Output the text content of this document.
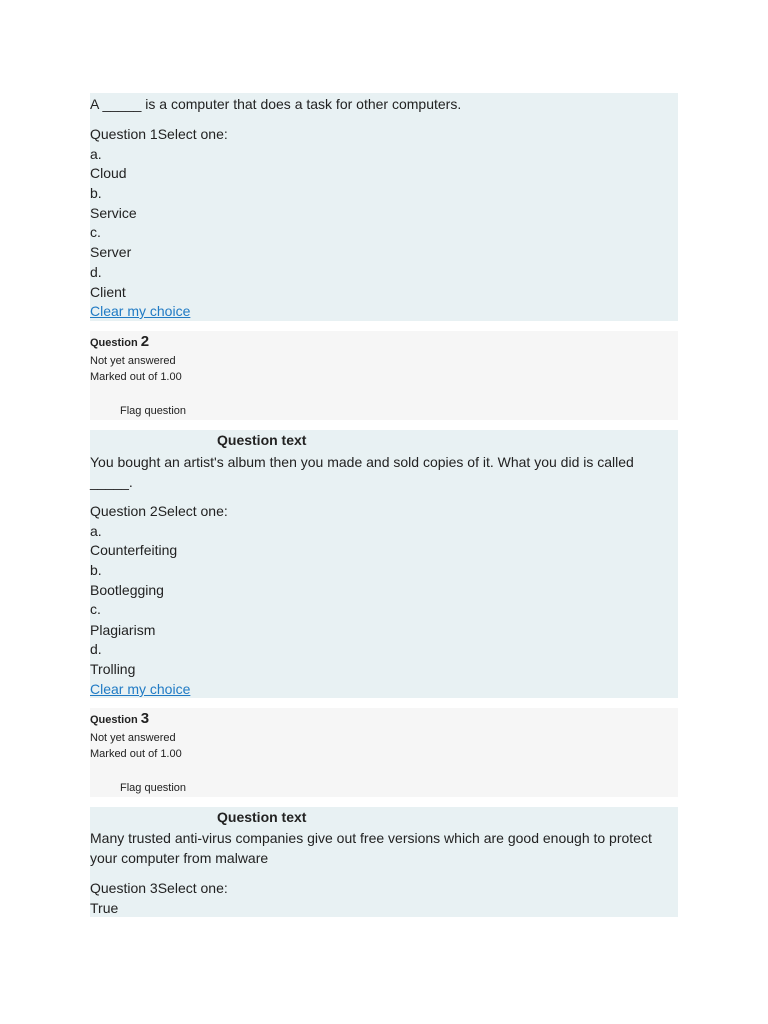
A _____ is a computer that does a task for other computers.
Question 1Select one:
a.
Cloud
b.
Service
c.
Server
d.
Client
Clear my choice
Question 2
Not yet answered
Marked out of 1.00
Flag question
Question text
You bought an artist's album then you made and sold copies of it. What you did is called
_____.
Question 2Select one:
a.
Counterfeiting
b.
Bootlegging
c.
Plagiarism
d.
Trolling
Clear my choice
Question 3
Not yet answered
Marked out of 1.00
Flag question
Question text
Many trusted anti-virus companies give out free versions which are good enough to protect
your computer from malware
Question 3Select one:
True
